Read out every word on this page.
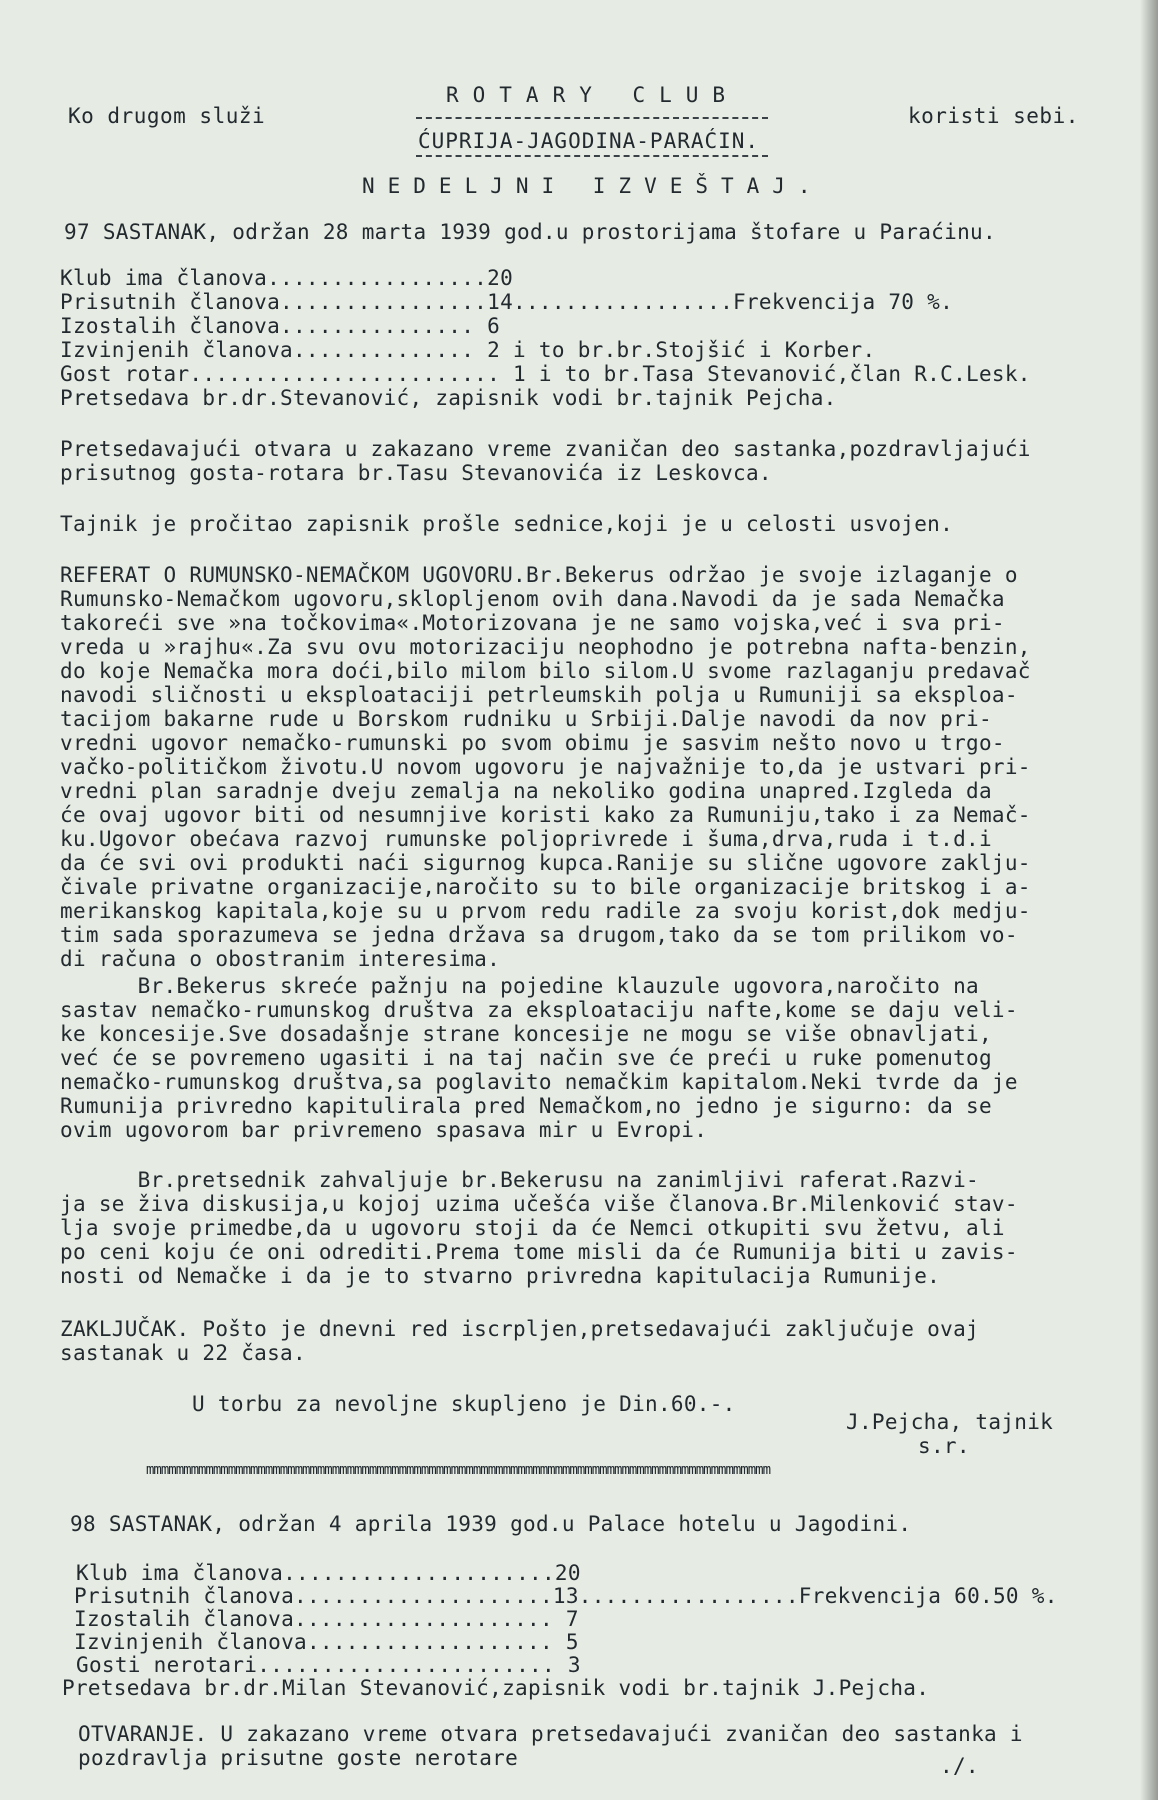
Ko drugom služi	koristi sebi.
ROTARY CLUB
ĆUPRIJA-JAGODINA-PARAĆIN.
NEDELJNI IZVEŠTAJ.
97 SASTANAK, održan 28 marta 1939 god.u prostorijama štofare u Paraćinu.
Klub ima članova.................20
Prisutnih članova................14.................Frekvencija 70 %.
Izostalih članova............... 6
Izvinjenih članova.............. 2 i to br.br.Stojšić i Korber.
Gost rotar........................ 1 i to br.Tasa Stevanović,član R.C.Lesk.
Pretsedava br.dr.Stevanović, zapisnik vodi br.tajnik Pejcha.
Pretsedavajući otvara u zakazano vreme zvaničan deo sastanka,pozdravljajući
prisutnog gosta-rotara br.Tasu Stevanovića iz Leskovca.
Tajnik je pročitao zapisnik prošle sednice,koji je u celosti usvojen.
REFERAT O RUMUNSKO-NEMAČKOM UGOVORU.Br.Bekerus održao je svoje izlaganje o
Rumunsko-Nemačkom ugovoru,sklopljenom ovih dana.Navodi da je sada Nemačka
takoreći sve »na točkovima«.Motorizovana je ne samo vojska,već i sva pri-
vreda u »rajhu«.Za svu ovu motorizaciju neophodno je potrebna nafta-benzin,
do koje Nemačka mora doći,bilo milom bilo silom.U svome razlaganju predavač
navodi sličnosti u eksploataciji petrleumskih polja u Rumuniji sa eksploa-
tacijom bakarne rude u Borskom rudniku u Srbiji.Dalje navodi da nov pri-
vredni ugovor nemačko-rumunski po svom obimu je sasvim nešto novo u trgo-
vačko-političkom životu.U novom ugovoru je najvažnije to,da je ustvari pri-
vredni plan saradnje dveju zemalja na nekoliko godina unapred.Izgleda da
će ovaj ugovor biti od nesumnjive koristi kako za Rumuniju,tako i za Nemač-
ku.Ugovor obećava razvoj rumunske poljoprivrede i šuma,drva,ruda i t.d.i
da će svi ovi produkti naći sigurnog kupca.Ranije su slične ugovore zaklju-
čivale privatne organizacije,naročito su to bile organizacije britskog i a-
merikanskog kapitala,koje su u prvom redu radile za svoju korist,dok medju-
tim sada sporazumeva se jedna država sa drugom,tako da se tom prilikom vo-
di računa o obostranim interesima.
Br.Bekerus skreće pažnju na pojedine klauzule ugovora,naročito na
sastav nemačko-rumunskog društva za eksploataciju nafte,kome se daju veli-
ke koncesije.Sve dosadašnje strane koncesije ne mogu se više obnavljati,
već će se povremeno ugasiti i na taj način sve će preći u ruke pomenutog
nemačko-rumunskog društva,sa poglavito nemačkim kapitalom.Neki tvrde da je
Rumunija privredno kapitulirala pred Nemačkom,no jedno je sigurno: da se
ovim ugovorom bar privremeno spasava mir u Evropi.
Br.pretsednik zahvaljuje br.Bekerusu na zanimljivi raferat.Razvi-
ja se živa diskusija,u kojoj uzima učešća više članova.Br.Milenković stav-
lja svoje primedbe,da u ugovoru stoji da će Nemci otkupiti svu žetvu, ali
po ceni koju će oni odrediti.Prema tome misli da će Rumunija biti u zavis-
nosti od Nemačke i da je to stvarno privredna kapitulacija Rumunije.
ZAKLJUČAK. Pošto je dnevni red iscrpljen,pretsedavajući zaključuje ovaj
sastanak u 22 časa.
U torbu za nevoljne skupljeno je Din.60.-.
J.Pejcha, tajnik
s.r.
mmmmmmmmmmmmmmmmmmmmmmmmmmmmmmmmmmmmmmmmmmmmmmmmmmmmmmmmmmmmmmmmmmmmmmmmmmmmmmmmmmmm
98 SASTANAK, održan 4 aprila 1939 god.u Palace hotelu u Jagodini.
Klub ima članova.....................20
Prisutnih članova....................13.................Frekvencija 60.50 %.
Izostalih članova.................... 7
Izvinjenih članova................... 5
Gosti nerotari....................... 3
Pretsedava br.dr.Milan Stevanović,zapisnik vodi br.tajnik J.Pejcha.
OTVARANJE. U zakazano vreme otvara pretsedavajući zvaničan deo sastanka i
pozdravlja prisutne goste nerotare	./.
